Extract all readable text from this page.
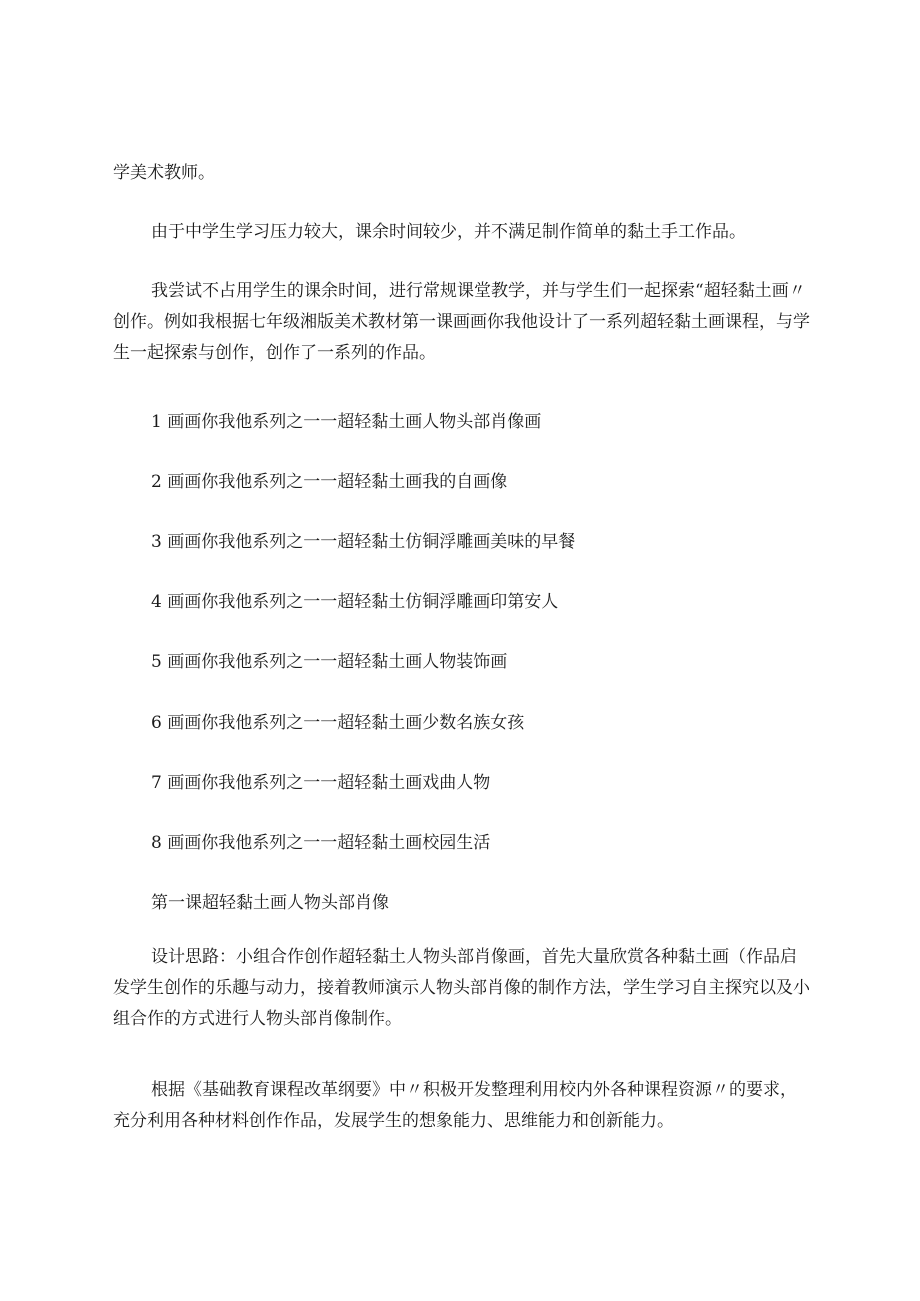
学美术教师。

由于中学生学习压力较大，课余时间较少，并不满足制作简单的黏土手工作品。

我尝试不占用学生的课余时间，进行常规课堂教学，并与学生们一起探索“超轻黏土画〃创作。例如我根据七年级湘版美术教材第一课画画你我他设计了一系列超轻黏土画课程，与学生一起探索与创作，创作了一系列的作品。

1 画画你我他系列之一一超轻黏土画人物头部肖像画

2 画画你我他系列之一一超轻黏土画我的自画像

3 画画你我他系列之一一超轻黏土仿铜浮雕画美味的早餐

4 画画你我他系列之一一超轻黏土仿铜浮雕画印第安人

5 画画你我他系列之一一超轻黏土画人物装饰画

6 画画你我他系列之一一超轻黏土画少数名族女孩

7 画画你我他系列之一一超轻黏土画戏曲人物

8 画画你我他系列之一一超轻黏土画校园生活

第一课超轻黏土画人物头部肖像

设计思路：小组合作创作超轻黏土人物头部肖像画，首先大量欣赏各种黏土画（作品启发学生创作的乐趣与动力，接着教师演示人物头部肖像的制作方法，学生学习自主探究以及小组合作的方式进行人物头部肖像制作。

根据《基础教育课程改革纲要》中〃积极开发整理利用校内外各种课程资源〃的要求，充分利用各种材料创作作品，发展学生的想象能力、思维能力和创新能力。
